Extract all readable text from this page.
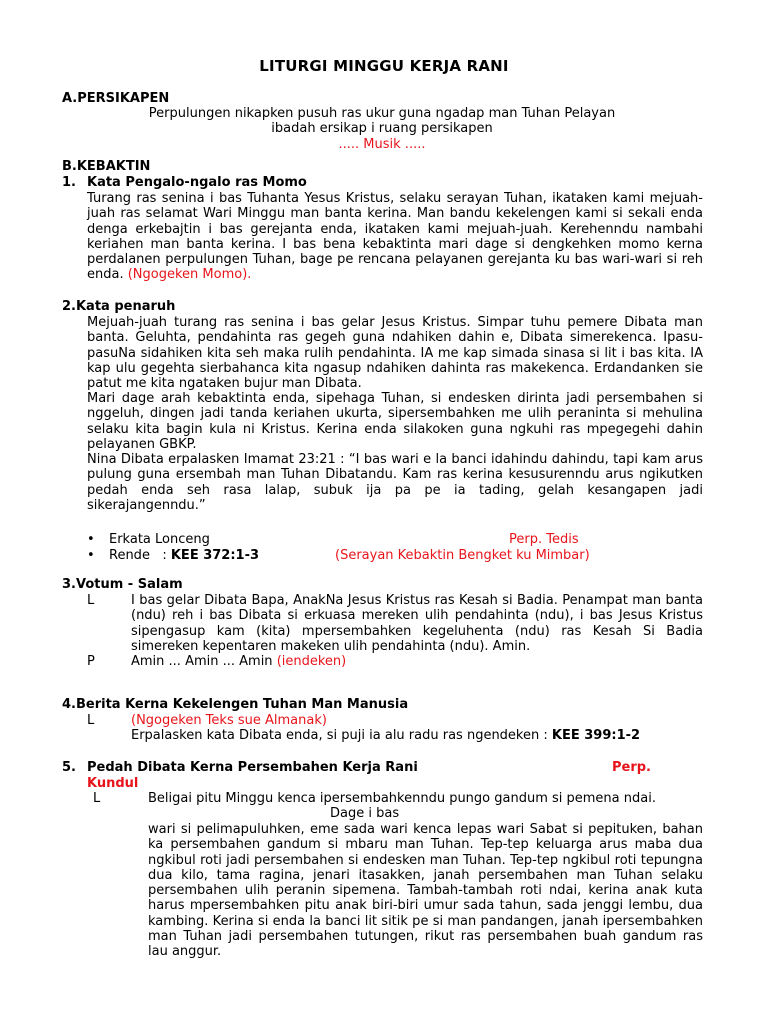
LITURGI MINGGU KERJA RANI
A.PERSIKAPEN
Perpulungen nikapken pusuh ras ukur guna ngadap man Tuhan Pelayan
ibadah ersikap i ruang persikapen
..... Musik .....
B.KEBAKTIN
1. Kata Pengalo-ngalo ras Momo
Turang ras senina i bas Tuhanta Yesus Kristus, selaku serayan Tuhan, ikataken kami mejuah-juah ras selamat Wari Minggu man banta kerina. Man bandu kekelengen kami si sekali enda denga erkebajtin i bas gerejanta enda, ikataken kami mejuah-juah. Kerehenndu nambahi keriahen man banta kerina. I bas bena kebaktinta mari dage si dengkehken momo kerna perdalanen perpulungen Tuhan, bage pe rencana pelayanen gerejanta ku bas wari-wari si reh enda. (Ngogeken Momo).
2.Kata penaruh
Mejuah-juah turang ras senina i bas gelar Jesus Kristus. Simpar tuhu pemere Dibata man banta. Geluhta, pendahinta ras gegeh guna ndahiken dahin e, Dibata simerekenca. Ipasu-pasuNa sidahiken kita seh maka rulih pendahinta. IA me kap simada sinasa si lit i bas kita. IA kap ulu gegehta sierbahanca kita ngasup ndahiken dahinta ras makekenca. Erdandanken sie patut me kita ngataken bujur man Dibata.
Mari dage arah kebaktinta enda, sipehaga Tuhan, si endesken dirinta jadi persembahen si nggeluh, dingen jadi tanda keriahen ukurta, sipersembahken me ulih peraninta si mehulina selaku kita bagin kula ni Kristus. Kerina enda silakoken guna ngkuhi ras mpegegehi dahin pelayanen GBKP.
Nina Dibata erpalasken Imamat 23:21 : “I bas wari e la banci idahindu dahindu, tapi kam arus pulung guna ersembah man Tuhan Dibatandu. Kam ras kerina kesusurenndu arus ngikutken pedah enda seh rasa lalap, subuk ija pa pe ia tading, gelah kesangapen jadi sikerajangenndu.”
• Erkata Lonceng	Perp. Tedis
• Rende   : KEE 372:1-3	(Serayan Kebaktin Bengket ku Mimbar)
3.Votum - Salam
L	I bas gelar Dibata Bapa, AnakNa Jesus Kristus ras Kesah si Badia. Penampat man banta (ndu) reh i bas Dibata si erkuasa mereken ulih pendahinta (ndu), i bas Jesus Kristus sipengasup kam (kita) mpersembahken kegeluhenta (ndu) ras Kesah Si Badia simereken kepentaren makeken ulih pendahinta (ndu). Amin.
P	Amin ... Amin ... Amin (iendeken)
4.Berita Kerna Kekelengen Tuhan Man Manusia
L	(Ngogeken Teks sue Almanak)
Erpalasken kata Dibata enda, si puji ia alu radu ras ngendeken : KEE 399:1-2
5. Pedah Dibata Kerna Persembahen Kerja Rani	Perp.
Kundul
L	Beligai pitu Minggu kenca ipersembahkenndu pungo gandum si pemena ndai.
Dage i bas
wari si pelimapuluhken, eme sada wari kenca lepas wari Sabat si pepituken, bahan ka persembahen gandum si mbaru man Tuhan. Tep-tep keluarga arus maba dua ngkibul roti jadi persembahen si endesken man Tuhan. Tep-tep ngkibul roti tepungna dua kilo, tama ragina, jenari itasakken, janah persembahen man Tuhan selaku persembahen ulih peranin sipemena. Tambah-tambah roti ndai, kerina anak kuta harus mpersembahken pitu anak biri-biri umur sada tahun, sada jenggi lembu, dua kambing. Kerina si enda la banci lit sitik pe si man pandangen, janah ipersembahken man Tuhan jadi persembahen tutungen, rikut ras persembahen buah gandum ras lau anggur.
